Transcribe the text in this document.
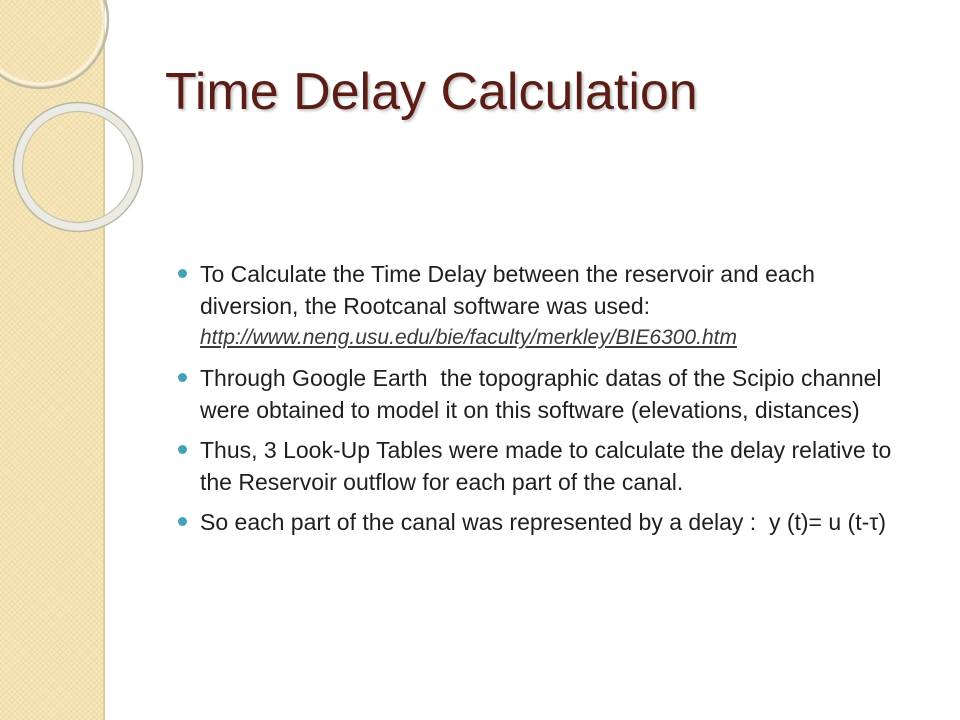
Time Delay Calculation
To Calculate the Time Delay between the reservoir and each
diversion, the Rootcanal software was used:
http://www.neng.usu.edu/bie/faculty/merkley/BIE6300.htm
Through Google Earth  the topographic datas of the Scipio channel
were obtained to model it on this software (elevations, distances)
Thus, 3 Look-Up Tables were made to calculate the delay relative to
the Reservoir outflow for each part of the canal.
So each part of the canal was represented by a delay :  y (t)= u (t-τ)
